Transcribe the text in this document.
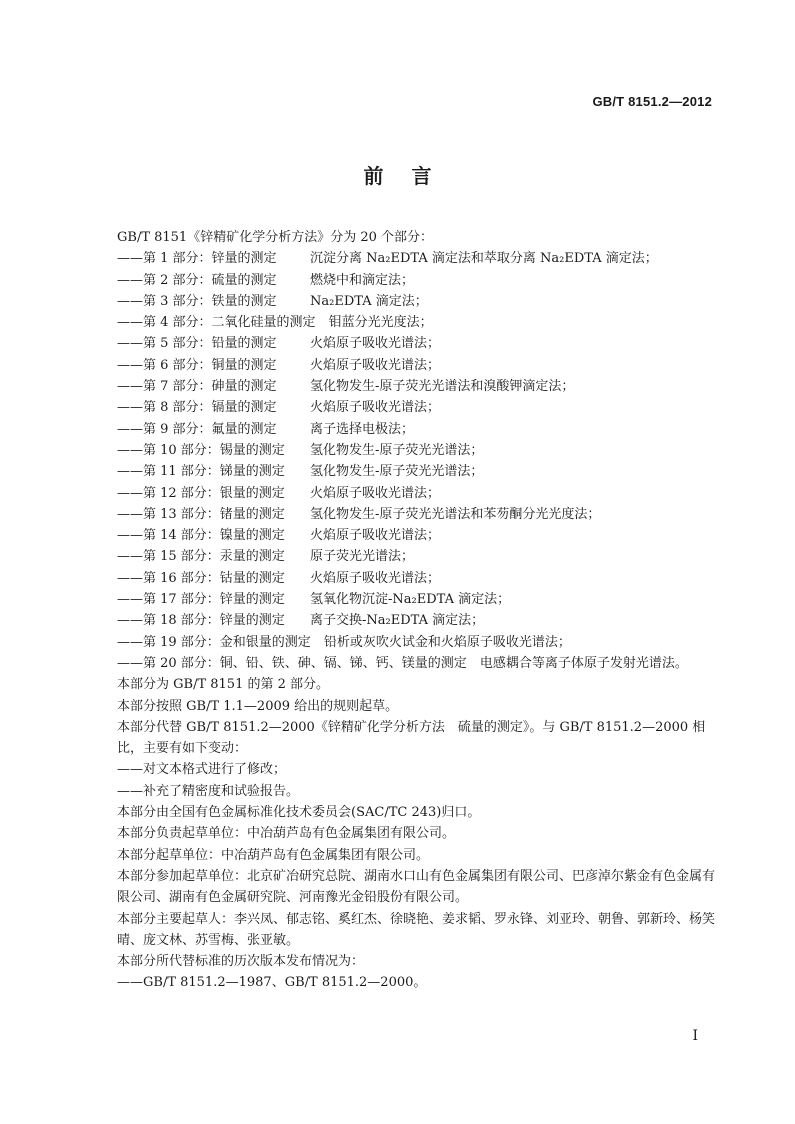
GB/T 8151.2—2012
前言
GB/T 8151《锌精矿化学分析方法》分为 20 个部分：
——第 1 部分：锌量的测定　	沉淀分离 Na₂EDTA 滴定法和萃取分离 Na₂EDTA 滴定法；
——第 2 部分：硫量的测定　	燃烧中和滴定法；
——第 3 部分：铁量的测定　	Na₂EDTA 滴定法；
——第 4 部分：二氧化硅量的测定　 钼蓝分光光度法；
——第 5 部分：铅量的测定　	火焰原子吸收光谱法；
——第 6 部分：铜量的测定　	火焰原子吸收光谱法；
——第 7 部分：砷量的测定　	氢化物发生-原子荧光光谱法和溴酸钾滴定法；
——第 8 部分：镉量的测定　	火焰原子吸收光谱法；
——第 9 部分：氟量的测定　	离子选择电极法；
——第 10 部分：锡量的测定　 氢化物发生-原子荧光光谱法；
——第 11 部分：锑量的测定　 氢化物发生-原子荧光光谱法；
——第 12 部分：银量的测定　 火焰原子吸收光谱法；
——第 13 部分：锗量的测定　 氢化物发生-原子荧光光谱法和苯芴酮分光光度法；
——第 14 部分：镍量的测定　 火焰原子吸收光谱法；
——第 15 部分：汞量的测定　 原子荧光光谱法；
——第 16 部分：钴量的测定　 火焰原子吸收光谱法；
——第 17 部分：锌量的测定　 氢氧化物沉淀-Na₂EDTA 滴定法；
——第 18 部分：锌量的测定　 离子交换-Na₂EDTA 滴定法；
——第 19 部分：金和银量的测定　 铅析或灰吹火试金和火焰原子吸收光谱法；
——第 20 部分：铜、铅、铁、砷、镉、锑、钙、镁量的测定　 电感耦合等离子体原子发射光谱法。
本部分为 GB/T 8151 的第 2 部分。
本部分按照 GB/T 1.1—2009 给出的规则起草。
本部分代替 GB/T 8151.2—2000《锌精矿化学分析方法　硫量的测定》。与 GB/T 8151.2—2000 相比，主要有如下变动：
——对文本格式进行了修改；
——补充了精密度和试验报告。
本部分由全国有色金属标准化技术委员会(SAC/TC 243)归口。
本部分负责起草单位：中冶葫芦岛有色金属集团有限公司。
本部分起草单位：中冶葫芦岛有色金属集团有限公司。
本部分参加起草单位：北京矿冶研究总院、湖南水口山有色金属集团有限公司、巴彦淖尔紫金有色金属有限公司、湖南有色金属研究院、河南豫光金铅股份有限公司。
本部分主要起草人：李兴凤、郁志铭、奚红杰、徐晓艳、姜求韬、罗永锋、刘亚玲、朝鲁、郭新玲、杨笑晴、庞文林、苏雪梅、张亚敏。
本部分所代替标准的历次版本发布情况为：
——GB/T 8151.2—1987、GB/T 8151.2—2000。
I
